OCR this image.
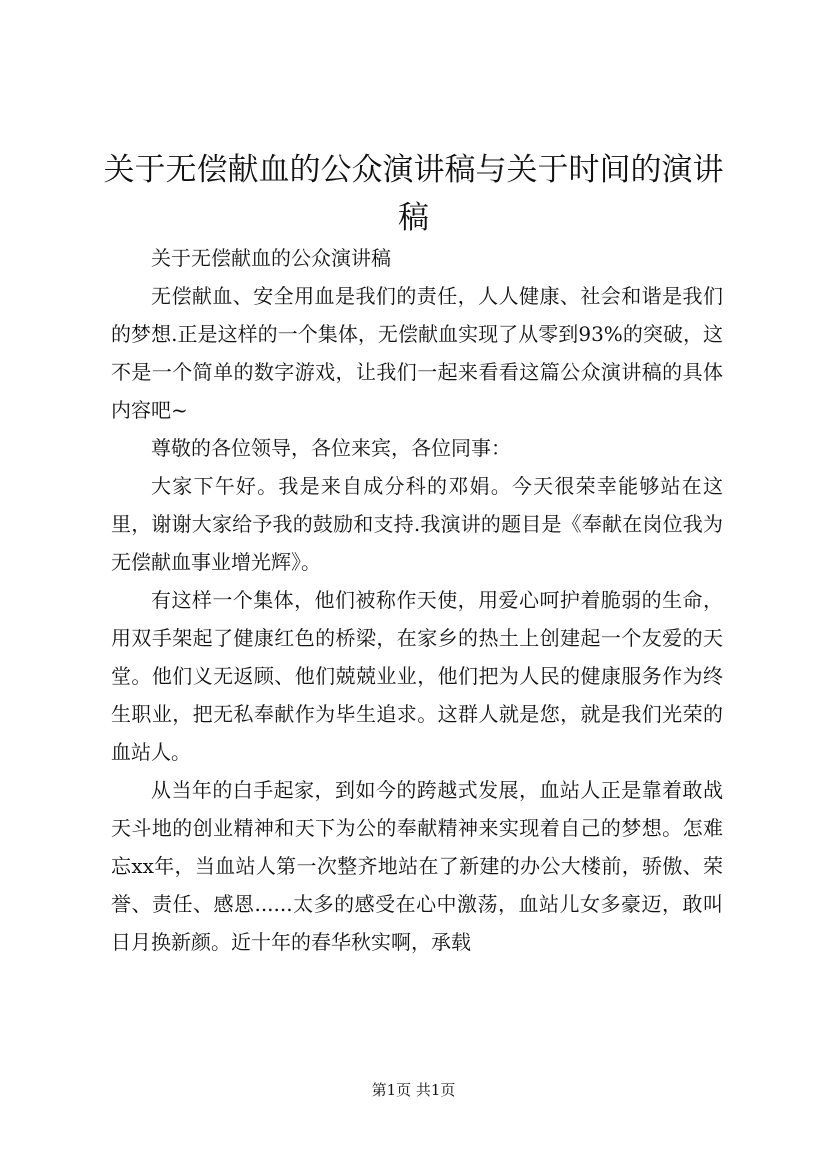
关于无偿献血的公众演讲稿与关于时间的演讲稿

关于无偿献血的公众演讲稿

无偿献血、安全用血是我们的责任，人人健康、社会和谐是我们的梦想.正是这样的一个集体，无偿献血实现了从零到93%的突破，这不是一个简单的数字游戏，让我们一起来看看这篇公众演讲稿的具体内容吧~

尊敬的各位领导，各位来宾，各位同事：

大家下午好。我是来自成分科的邓娟。今天很荣幸能够站在这里，谢谢大家给予我的鼓励和支持.我演讲的题目是《奉献在岗位我为无偿献血事业增光辉》。

有这样一个集体，他们被称作天使，用爱心呵护着脆弱的生命，用双手架起了健康红色的桥梁，在家乡的热土上创建起一个友爱的天堂。他们义无返顾、他们兢兢业业，他们把为人民的健康服务作为终生职业，把无私奉献作为毕生追求。这群人就是您，就是我们光荣的血站人。

从当年的白手起家，到如今的跨越式发展，血站人正是靠着敢战天斗地的创业精神和天下为公的奉献精神来实现着自己的梦想。怎难忘xx年，当血站人第一次整齐地站在了新建的办公大楼前，骄傲、荣誉、责任、感恩......太多的感受在心中激荡，血站儿女多豪迈，敢叫日月换新颜。近十年的春华秋实啊，承载

第1页 共1页
